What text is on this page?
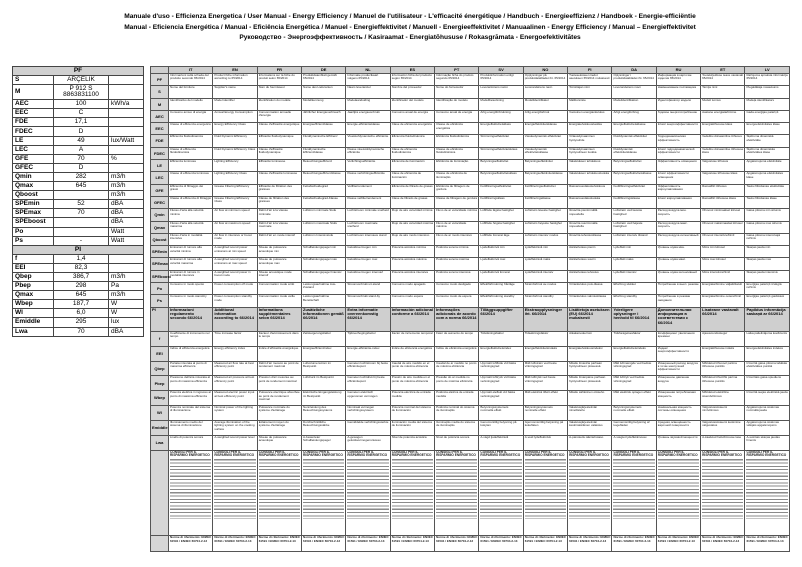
Manuale d'uso - Efficienza Energetica / User Manual - Energy Efficiency / Manuel de l'utilisateur - L'efficacité énergétique / Handbuch - Energieeffizienz / Handboek - Energie-efficiëntie
Manual - Eficiencia Energética / Manual - Eficiência Energética / Manuel - Energieffektivitet / Manuell - Energieeffektivitet / Manuaalinen - Energy Efficiency / Manual – Energieffektivitet
Руководство - Энергоэффективность / Kasiraamat - Energiatõhususe / Rokasgrāmata - Energoefektivitātes
PF		
S	ARÇELIK	
M	P 912 S 8863831100	
AEC	100	kWh/a
EEC	C	
FDE	17,1	
FDEC	D	
LE	49	lux/Watt
LEC	A	
GFE	70	%
GFEC	D	
Qmin	282	m3/h
Qmax	645	m3/h
Qboost		m3/h
SPEmin	52	dBA
SPEmax	70	dBA
SPEboost		dBA
Po		Watt
Ps	-	Watt
PI		
f	1,4	
EEI	82,3	
Qbep	386,7	m3/h
Pbep	298	Pa
Qmax	645	m3/h
Wbep	187,7	W
Wl	6,0	W
Emiddle	295	lux
Lwa	70	dBA
	IT	EN	FR	DE	NL	ES	PT	SV	NO	FI	DA	RU	ET	LV
PF	Informazioni sulla scheda del prodotto secondo 65/2014	Product fiche information according to 65/2014	Informations sur la fiche du produit selon 65/2014	Produktdatenblatt gemäß 65/2014	Informatie productkaart volgens 65/2014	Información ficha del producto según 65/2014	Informação ficha do produto segundo 65/2014	Produktinformation enligt 65/2014	Opplysninger på produktdatabladet iht. 65/2014	Tuoteselosteen tiedot asetuksen 65/2014 mukaisesti	Oplysninger i produktdatabladet iht. 65/2014	Информация в карточке изделия 65/2014	Tootekirjelduse teave vastavalt 65/2014	Ražojuma apraksta informācija 65/2014
S	Nome del fornitore	Supplier's name	Nom du fournisseur	Name des Lieferanten	Naam leverancier	Nombre del proveedor	Nome do fornecedor	Leverantörens namn	Leverandørens navn	Toimittajan nimi	Leverandørens navn	Наименование поставщика	Tarnija nimi	Piegādātāja nosaukums
M	Identificativo del modello	Model identifier	Identification du modèle	Modellkennung	Modelaanduiding	Identificador del modelo	Identificação do modelo	Modellbeteckning	Modellidentifikator	Mallitunniste	Modelidentifikation	Идентификатор модели	Mudeli tunnus	Modeļa identifikators
AEC	Consumo annuo di energia	Annual Energy Consumption	Consommation annuelle d'énergie	Jährlicher Energieverbrauch	Jaarlijks energieverbruik	Consumo anual de energía	Consumo anual de energia	Årlig energiförbrukning	Årlig energiforbruk	Vuotuinen energiankulutus	Årligt energiforbrug	Годовое энергопотребление	Aastane energiatarbimine	Gada enerģijas patēriņš
EEC	Classe di efficienza energetica	Energy Efficiency Class	Classe d'efficacité énergétique	Energieeffizienzklasse	Energie-efficiëntieklasse	Clase de eficiencia energética	Classe de eficiência energética	Energieffektivitetsklass	Energieffektivitetsklasse	Energiatehokkuusluokka	Energieffektivitetsklasse	Класс энергоэффективности	Energiatõhususe klass	Energoefektivitātes klase
FDE	Efficienza fluidodinamica	Fluid Dynamic Efficiency	Efficacité fluidodynamique	Fluiddynamische Effizienz	Vloeistofdynamische efficiëntie	Eficiencia fluidodinámica	Eficiência fluidodinâmica	Strömningseffektivitet	Væskedynamisk effektivitet	Virtausdynaaminen hyötysuhde	Fluiddynamisk effektivitet	Гидродинамическая эффективность	Vedeliku dünaamiline tõhusus	Šķidruma dinamiskā efektivitāte
FDEC	Classe di efficienza fluidodinamica	Fluid Dynamic Efficiency Class	Classe d'efficacité fluidodynamique	Fluiddynamische Effizienzklasse	Klasse vloeistofdynamische efficiëntie	Clase de eficiencia fluidodinámica	Classe de eficiência fluidodinâmica	Strömningseffektivitetsklass	Væskedynamisk effektivitetsklasse	Virtausdynaamisen hyötysuhteen luokka	Fluiddynamisk effektivitetsklasse	Класс гидродинамической эффективности	Vedeliku dünaamilise tõhususe klass	Šķidruma dinamiskās efektivitātes klase
LE	Efficienza luminosa	Lighting Efficiency	Efficacité lumineuse	Beleuchtungseffizienz	Verlichtingsefficiëntie	Eficiencia de iluminación	Eficiência de iluminação	Belysningseffektivitet	Belysningseffektivitet	Valaistuksen tehokkuus	Belysningseffektivitet	Эффективность освещения	Valgustuse tõhusus	Apgaismojuma efektivitāte
LEC	Classe di efficienza luminosa	Lighting Efficiency Class	Classe d'efficacité lumineuse	Beleuchtungseffizienzklasse	Klasse verlichtingsefficiëntie	Clase de eficiencia de iluminación	Classe de eficiência de iluminação	Belysningseffektivitetsklass	Belysningseffektivitetsklasse	Valaistuksen tehokkuusluokka	Belysningseffektivitetsklasse	Класс эффективности освещения	Valgustuse tõhususe klass	Apgaismojuma efektivitātes klase
GFE	Efficienza di filtraggio dei grassi	Grease Filtering Efficiency	Efficacité de filtration des graisses	Fettabscheidegrad	Vetfilterrendement	Eficiencia de filtrado de grasas	Eficiência de filtragem de gordura	Fettfiltreringseffektivitet	Fettfiltreringseffektivitet	Rasvansuodatustehokkuus	Fedtfiltreringseffektivitet	Эффективность жироулавливания	Rasvafiltri tõhusus	Tauku filtrēšanas efektivitāte
GFEC	Classe di efficienza di filtraggio	Grease Filtering Efficiency Class	Classe de filtration des graisses	Fettabscheidegrad-Klasse	Klasse vetfilterrendement	Clase de filtrado de grasas	Classe de filtragem de gordura	Fettfiltreringsklass	Fettfiltreringsklasse	Rasvansuodatusluokka	Fedtfiltreringsklasse	Класс жироулавливания	Rasvafiltri tõhususe klass	Tauku filtrēšanas klase
Qmin	Flusso d'aria alla velocità minima	Air flow at minimum speed	Débit d'air à la vitesse minimale	Luftstrom minimale Stufe	Luchtstroom minimale snelheid	Flujo de aire velocidad mínima	Fluxo de ar velocidade mínima	Luftflöde lägsta hastighet	Luftstrøm laveste hastighet	Ilmavirta pienimmällä nopeudella	Luftstrøm ved laveste hastighed	Расход воздуха мин. скорость	Õhuvool minimaalsel kiirusel	Gaisa plūsma min ātrumā
Qmax	Flusso d'aria alla velocità massima	Air flow at maximum speed	Débit d'air à la vitesse maximale	Luftstrom maximale Stufe	Luchtstroom maximale snelheid	Flujo de aire velocidad máxima	Fluxo de ar velocidade máxima	Luftflöde högsta hastighet	Luftstrøm høyeste hastighet	Ilmavirta suurimmalla nopeudella	Luftstrøm ved højeste hastighed	Расход воздуха макс. скорость	Õhuvool maksimaalsel kiirusel	Gaisa plūsma max ātrumā
Qboost	Flusso d'aria in modalità intensiva	Air flow in intensive or boost mode	Débit d'air en mode intensif	Luftstrom Intensivstufe	Luchtstroom intensieve stand	Flujo de aire modo intensivo	Fluxo de ar modo intensivo	Luftflöde forcerat läge	Luftstrøm intensiv modus	Ilmavirta tehostustilassa	Luftstrøm intensiv tilstand	Расход воздуха интенсивный	Õhuvool intensiivrežiimil	Gaisa plūsma intensīvajā režīmā
SPEmin	Emissioni di rumore alla velocità minima	A-weighted sound power emissions at min speed	Niveau de puissance acoustique min	Schallleistungspegel min	Geluidsvermogen min	Potencia acústica mínima	Potência sonora mínima	Ljudeffektnivå min	Lydeffektnivå min	Äänitehotaso pienin	Lydeffekt min	Уровень шума мин.	Müra min kiirusel	Skaņas jauda min
SPEmax	Emissioni di rumore alla velocità massima	A-weighted sound power emissions at max speed	Niveau de puissance acoustique max	Schallleistungspegel max	Geluidsvermogen max	Potencia acústica máxima	Potência sonora máxima	Ljudeffektnivå max	Lydeffektnivå maks	Äänitehotaso suurin	Lydeffekt maks	Уровень шума макс.	Müra max kiirusel	Skaņas jauda max
SPEboost	Emissioni di rumore in modalità intensiva	A-weighted sound power in boost mode	Niveau acoustique mode intensif	Schallleistungspegel Intensiv	Geluidsvermogen intensief	Potencia acústica intensiva	Potência sonora intensiva	Ljudeffektnivå forcerat	Lydeffektnivå intensiv	Äänitehotaso tehostus	Lydeffekt intensiv	Уровень шума интенсивный	Müra intensiivrežiimil	Skaņas jauda intensīvā
Po	Consumo in modo spento	Power consumption off mode	Consommation mode arrêt	Leistungsaufnahme Aus-Zustand	Stroomverbruik uit-stand	Consumo modo apagado	Consumo modo desligado	Effektförbrukning frånläge	Strømforbruk av-modus	Virrankulutus pois-tilassa	Elforbrug slukket	Потребление в выкл. режиме	Energiatarbimine väljalülitatult	Enerģijas patēriņš izslēgtā režīmā
Ps	Consumo in modo stand-by	Power consumption standby mode	Consommation mode veille	Leistungsaufnahme Bereitschaft	Stroomverbruik stand-by	Consumo modo espera	Consumo modo de espera	Effektförbrukning standby	Strømforbruk standby	Virrankulutus valmiustilassa	Elforbrug standby	Потребление в режиме ожидания	Energiatarbimine ooterežiimil	Enerģijas patēriņš gaidstāvē
PI	Informazioni regolamento secondo 66/2014	Additional information according to 66/2014	Informations supplémentaires selon 66/2014	Zusätzliche Informationen gemäß 66/2014	Extra informatie overeenkomstig 66/2014	Información adicional conforme a 66/2014	Informações adicionais de acordo com a norma 66/2014	Tilläggsuppgifter 66/2014	Ekstraopplysninger iht. 66/2014	Lisätietoja asetuksen (EU) 66/2014 mukaisesti	Yderligere oplysninger i henhold til 66/2014	Дополнительная информация в соответствии с 66/2014	Lisateave vastavalt 66/2014	Papildus informācija saskaņā ar 66/2014
f	Coefficiente di incremento nel tempo	Time increase factor	Facteur d'accroissement dans le temps	Zeitsteigerungsfaktor	Tijdsverhogingsfactor	Factor de incremento temporal	Fator de aumento do tempo	Tidsökningsfaktor	Tidsøkningsfaktor	Aikakasvukerroin	Tidsforøgelsesfaktor	Коэффициент увеличения времени	Ajasuurendustegur	Laika palielinājuma koeficients
EEI	Indice di efficienza energetica	Energy efficiency index	Indice d'efficacité énergétique	Energieeffizienzindex	Energie-efficiëntie-index	Índice de eficiencia energética	Índice de eficiência energética	Energieffektivitetsindex	Energieffektivitetsindeks	Energiatehokkuusindeksi	Energieffektivitetsindeks	Индекс энергоэффективности	Energiatõhususe indeks	Energoefektivitātes indekss
Qbep	Portata misurata al punto di massima efficienza	Measured air flow rate at best efficiency point	Débit d'air mesuré au point de rendement maximal	Luftvolumenstrom im Bestpunkt	Gemeten luchtstroom bij beste efficiëntiepunt	Caudal de aire medido en el punto de máxima eficiencia	Caudal de ar medido no ponto de máxima eficiência	Uppmätt luftflöde vid bästa verkningsgrad	Målt luftstrøm ved beste virkningsgrad	Mitattu ilmavirta parhaan hyötysuhteen pisteessä	Målt luftmængde ved bedste virkningsgrad	Измеренный расход воздуха в точке наилучшей эффективности	Mõõdetud õhuvool parima tõhususe punktis	Izmērītā gaisa plūsma labākās efektivitātes punktā
Pbep	Pressione dell'aria misurata al punto di massima efficienza	Measured air pressure at best efficiency point	Pression d'air mesurée au point de rendement maximal	Luftdruck im Bestpunkt	Gemeten luchtdruk bij beste efficiëntiepunt	Presión de aire medida en el punto de máxima eficiencia	Pressão do ar medida no ponto de máxima eficiência	Uppmätt lufttryck vid bästa verkningsgrad	Målt lufttrykk ved beste virkningsgrad	Mitattu ilmanpaine parhaan hyötysuhteen pisteessä	Målt lufttryk ved bedste virkningsgrad	Измеренное давление воздуха	Mõõdetud õhurõhk parima tõhususe punktis	Izmērītais gaisa spiediens
Wbep	Potenza elettrica in ingresso al punto di massima efficienza	Measured electric power input at best efficiency point	Puissance électrique absorbée au point de rendement maximal	Elektrische Eingangsleistung im Bestpunkt	Gemeten elektrisch opgenomen vermogen	Potencia eléctrica de entrada medida	Potência elétrica de entrada medida	Uppmätt eleffekt vid bästa verkningsgrad	Målt elektrisk tilført effekt	Mitattu sähköinen ottoteho	Målt elektrisk optagen effekt	Измеренная потребляемая мощность	Mõõdetud elektriline sisendvõimsus	Izmērītā ieejas elektriskā jauda
Wl	Potenza nominale del sistema di illuminazione	Nominal power of the lighting system	Puissance nominale du système d'éclairage	Nennleistung des Beleuchtungssystems	Nominaal vermogen verlichtingssysteem	Potencia nominal del sistema de iluminación	Potência nominal do sistema de iluminação	Belysningssystemets nominella effekt	Belysningssystemets nominelle effekt	Valaistusjärjestelmän nimellisteho	Belysningssystemets nominelle effekt	Номинальная мощность системы освещения	Valgustussüsteemi nimivõimsus	Apgaismojuma sistēmas nominālā jauda
Emiddle	Illuminamento medio del sistema di illuminazione	Average illumination of the lighting system on the cooking surface	Éclairement moyen du système d'éclairage	Durchschnittliche Beleuchtungsstärke	Gemiddelde verlichtingssterkte	Iluminación media del sistema de iluminación	Iluminação média do sistema de iluminação	Genomsnittlig belysning på kokytan	Gjennomsnittlig belysning på kokeflaten	Valaistusjärjestelmän keskimääräinen valaistus	Gennemsnitlig belysning af kogefladen	Средняя освещённость варочной поверхности	Valgustussüsteemi keskmine valgustatus	Apgaismojuma sistēmas vidējais apgaismojums
Lwa	Livello di potenza sonora	A-weighted sound power level	Niveau de puissance acoustique	A-bewerteter Schallleistungspegel	A-gewogen geluidsvermogensniveau	Nivel de potencia acústica	Nível de potência sonora	A-vägd ljudeffektnivå	A-veid lydeffektnivå	A-painotettu äänitehotaso	A-vægtet lydeffektniveau	Уровень звуковой мощности	A-kaalutud helivõimsuse tase	A-svērtais skaņas jaudas līmenis

	CONSIGLI PER IL RISPARMIO ENERGETICO	CONSIGLI PER IL RISPARMIO ENERGETICO	CONSIGLI PER IL RISPARMIO ENERGETICO	CONSIGLI PER IL RISPARMIO ENERGETICO	CONSIGLI PER IL RISPARMIO ENERGETICO	CONSIGLI PER IL RISPARMIO ENERGETICO	CONSIGLI PER IL RISPARMIO ENERGETICO	CONSIGLI PER IL RISPARMIO ENERGETICO	CONSIGLI PER IL RISPARMIO ENERGETICO	CONSIGLI PER IL RISPARMIO ENERGETICO	CONSIGLI PER IL RISPARMIO ENERGETICO	CONSIGLI PER IL RISPARMIO ENERGETICO	CONSIGLI PER IL RISPARMIO ENERGETICO	CONSIGLI PER IL RISPARMIO ENERGETICO

	Norme di riferimento: EN/IEC 61591 / EN/IEC 60704-2-13	Norme di riferimento: EN/IEC 61591 / EN/IEC 60704-2-13	Norme di riferimento: EN/IEC 61591 / EN/IEC 60704-2-13	Norme di riferimento: EN/IEC 61591 / EN/IEC 60704-2-13	Norme di riferimento: EN/IEC 61591 / EN/IEC 60704-2-13	Norme di riferimento: EN/IEC 61591 / EN/IEC 60704-2-13	Norme di riferimento: EN/IEC 61591 / EN/IEC 60704-2-13	Norme di riferimento: EN/IEC 61591 / EN/IEC 60704-2-13	Norme di riferimento: EN/IEC 61591 / EN/IEC 60704-2-13	Norme di riferimento: EN/IEC 61591 / EN/IEC 60704-2-13	Norme di riferimento: EN/IEC 61591 / EN/IEC 60704-2-13	Norme di riferimento: EN/IEC 61591 / EN/IEC 60704-2-13	Norme di riferimento: EN/IEC 61591 / EN/IEC 60704-2-13	Norme di riferimento: EN/IEC 61591 / EN/IEC 60704-2-13
